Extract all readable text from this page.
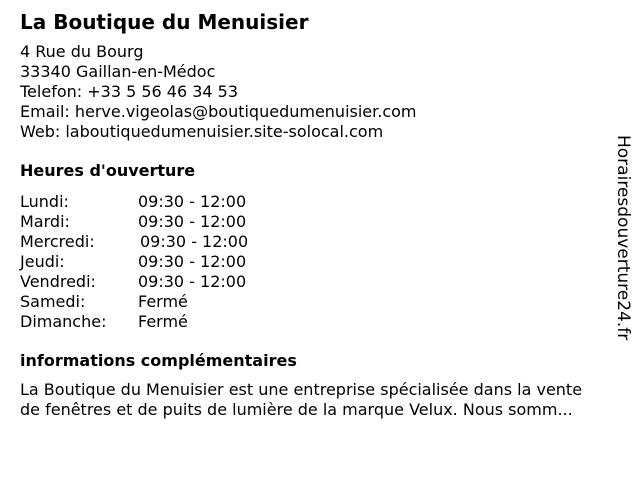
La Boutique du Menuisier
4 Rue du Bourg
33340 Gaillan-en-Médoc
Telefon: +33 5 56 46 34 53
Email: herve.vigeolas@boutiquedumenuisier.com
Web: laboutiquedumenuisier.site-solocal.com
Heures d'ouverture
Lundi:	09:30 - 12:00
Mardi:	09:30 - 12:00
Mercredi:	09:30 - 12:00
Jeudi:	09:30 - 12:00
Vendredi:	09:30 - 12:00
Samedi:	Fermé
Dimanche:	Fermé
informations complémentaires
La Boutique du Menuisier est une entreprise spécialisée dans la vente
de fenêtres et de puits de lumière de la marque Velux. Nous somm...
Horairesdouverture24.fr
